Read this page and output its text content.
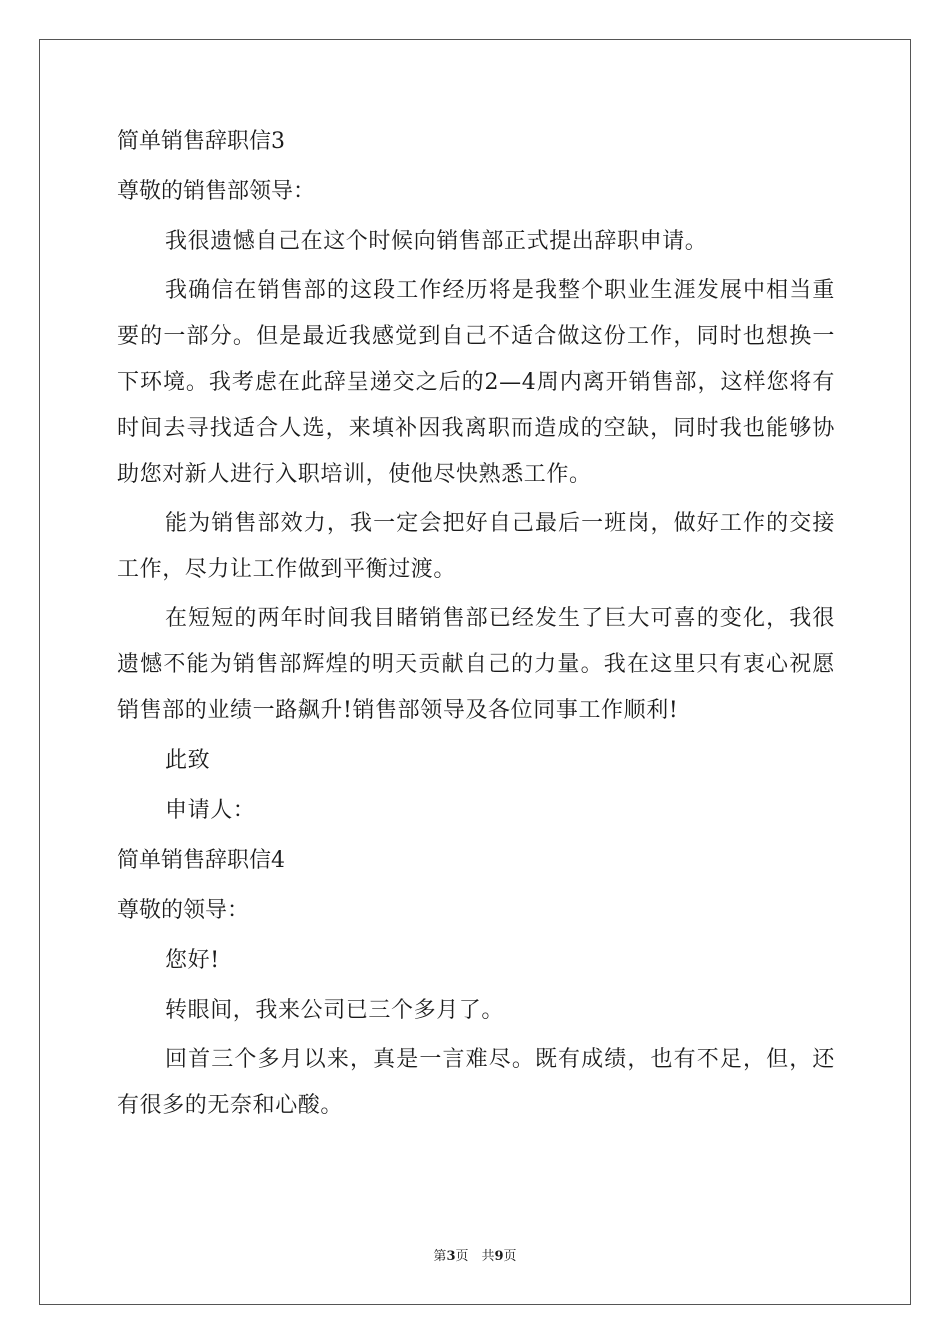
简单销售辞职信3
尊敬的销售部领导：
我很遗憾自己在这个时候向销售部正式提出辞职申请。
我确信在销售部的这段工作经历将是我整个职业生涯发展中相当重要的一部分。但是最近我感觉到自己不适合做这份工作，同时也想换一下环境。我考虑在此辞呈递交之后的2—4周内离开销售部，这样您将有时间去寻找适合人选，来填补因我离职而造成的空缺，同时我也能够协助您对新人进行入职培训，使他尽快熟悉工作。
能为销售部效力，我一定会把好自己最后一班岗，做好工作的交接工作，尽力让工作做到平衡过渡。
在短短的两年时间我目睹销售部已经发生了巨大可喜的变化，我很遗憾不能为销售部辉煌的明天贡献自己的力量。我在这里只有衷心祝愿销售部的业绩一路飙升!销售部领导及各位同事工作顺利!
此致
申请人：
简单销售辞职信4
尊敬的领导：
您好!
转眼间，我来公司已三个多月了。
回首三个多月以来，真是一言难尽。既有成绩，也有不足，但，还有很多的无奈和心酸。
第3页　共9页
